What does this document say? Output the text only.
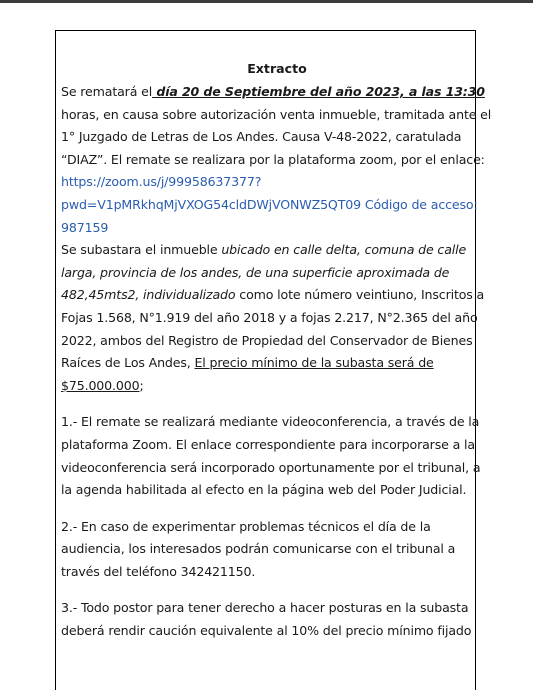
Extracto

Se rematará el día 20 de Septiembre del año 2023, a las 13:30 horas, en causa sobre autorización venta inmueble, tramitada ante el 1° Juzgado de Letras de Los Andes. Causa V-48-2022, caratulada “DIAZ”. El remate se realizara por la plataforma zoom, por el enlace: https://zoom.us/j/99958637377?pwd=V1pMRkhqMjVXOG54cldDWjVONWZ5QT09 Código de acceso: 987159

Se subastara el inmueble ubicado en calle delta, comuna de calle larga, provincia de los andes, de una superficie aproximada de 482,45mts2, individualizado como lote número veintiuno, Inscritos a Fojas 1.568, N°1.919 del año 2018 y a fojas 2.217, N°2.365 del año 2022, ambos del Registro de Propiedad del Conservador de Bienes Raíces de Los Andes, El precio mínimo de la subasta será de $75.000.000;

1.- El remate se realizará mediante videoconferencia, a través de la plataforma Zoom. El enlace correspondiente para incorporarse a la videoconferencia será incorporado oportunamente por el tribunal, a la agenda habilitada al efecto en la página web del Poder Judicial.

2.- En caso de experimentar problemas técnicos el día de la audiencia, los interesados podrán comunicarse con el tribunal a través del teléfono 342421150.

3.- Todo postor para tener derecho a hacer posturas en la subasta deberá rendir caución equivalente al 10% del precio mínimo fijado
